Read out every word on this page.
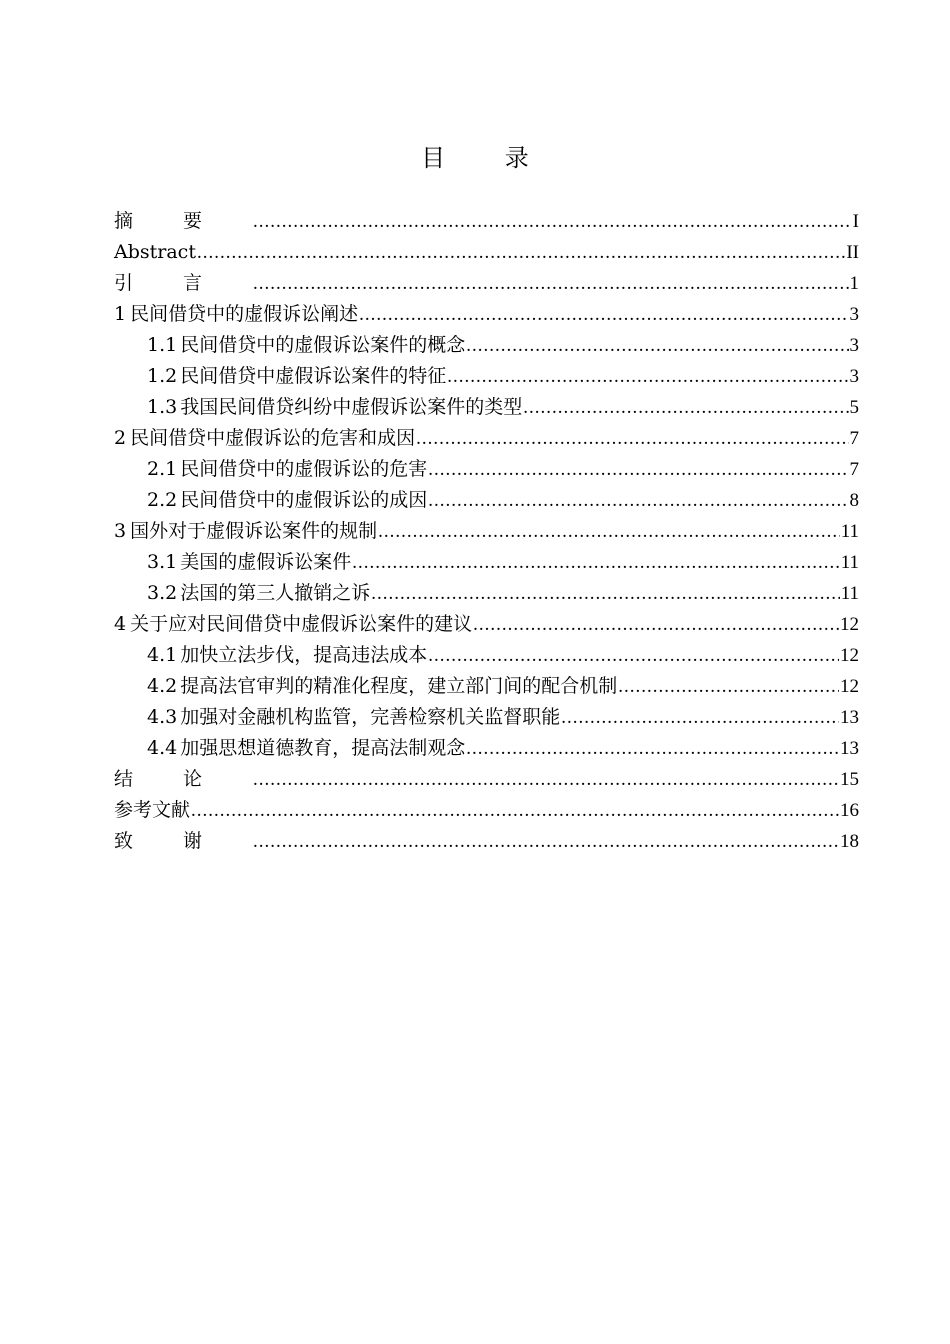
目 录
摘要 .....	I
Abstract .....	II
引言 .....	1
1 民间借贷中的虚假诉讼阐述 .....	3
1.1 民间借贷中的虚假诉讼案件的概念 .....	3
1.2 民间借贷中虚假诉讼案件的特征 .....	3
1.3 我国民间借贷纠纷中虚假诉讼案件的类型 .....	5
2 民间借贷中虚假诉讼的危害和成因 .....	7
2.1 民间借贷中的虚假诉讼的危害 .....	7
2.2 民间借贷中的虚假诉讼的成因 .....	8
3 国外对于虚假诉讼案件的规制 .....	11
3.1 美国的虚假诉讼案件 .....	11
3.2 法国的第三人撤销之诉 .....	11
4 关于应对民间借贷中虚假诉讼案件的建议 .....	12
4.1 加快立法步伐，提高违法成本 .....	12
4.2 提高法官审判的精准化程度，建立部门间的配合机制 .....	12
4.3 加强对金融机构监管，完善检察机关监督职能 .....	13
4.4 加强思想道德教育，提高法制观念 .....	13
结论 .....	15
参考文献 .....	16
致谢 .....	18
